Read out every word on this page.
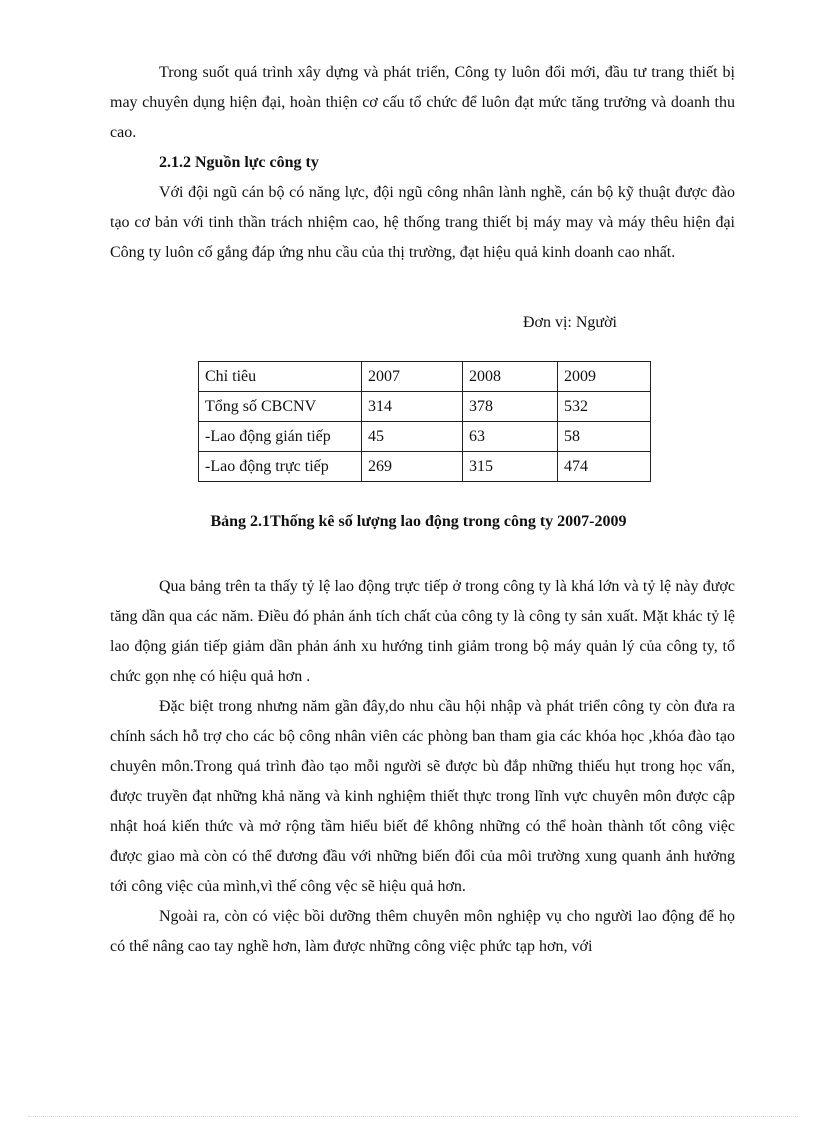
Trong suốt quá trình xây dựng và phát triển, Công ty luôn đổi mới, đầu tư trang thiết bị may chuyên dụng hiện đại, hoàn thiện cơ cấu tổ chức để luôn đạt mức tăng trưởng và doanh thu cao.

2.1.2 Nguồn lực công ty

Với đội ngũ cán bộ có năng lực, đội ngũ công nhân lành nghề, cán bộ kỹ thuật được đào tạo cơ bản với tinh thần trách nhiệm cao, hệ thống trang thiết bị máy may và máy thêu hiện đại Công ty luôn cố gắng đáp ứng nhu cầu của thị trường, đạt hiệu quả kinh doanh cao nhất.

Đơn vị: Người
Chỉ tiêu	2007	2008	2009
Tổng số CBCNV	314	378	532
-Lao động gián tiếp	45	63	58
-Lao động trực tiếp	269	315	474

Bảng 2.1Thống kê số lượng lao động trong công ty 2007-2009

Qua bảng trên ta thấy tỷ lệ lao động trực tiếp ở trong công ty là khá lớn và tỷ lệ này được tăng dần qua các năm. Điều đó phản ánh tích chất của công ty là công ty sản xuất. Mặt khác tỷ lệ lao động gián tiếp giảm dần phản ánh xu hướng tinh giảm trong bộ máy quản lý của công ty, tổ chức gọn nhẹ có hiệu quả hơn .

Đặc biệt trong nhưng năm gần đây,do nhu cầu hội nhập và phát triển công ty còn đưa ra chính sách hỗ trợ cho các bộ công nhân viên các phòng ban tham gia các khóa học ,khóa đào tạo chuyên môn.Trong quá trình đào tạo mỗi người sẽ được bù đắp những thiếu hụt trong học vấn, được truyền đạt những khả năng và kinh nghiệm thiết thực trong lĩnh vực chuyên môn được cập nhật hoá kiến thức và mở rộng tầm hiểu biết để không những có thể hoàn thành tốt công việc được giao mà còn có thể đương đầu với những biến đổi của môi trường xung quanh ảnh hưởng tới công việc của mình,vì thế công vệc sẽ hiệu quả hơn.

Ngoài ra, còn có việc bồi dưỡng thêm chuyên môn nghiệp vụ cho người lao động để họ có thể nâng cao tay nghề hơn, làm được những công việc phức tạp hơn, với
